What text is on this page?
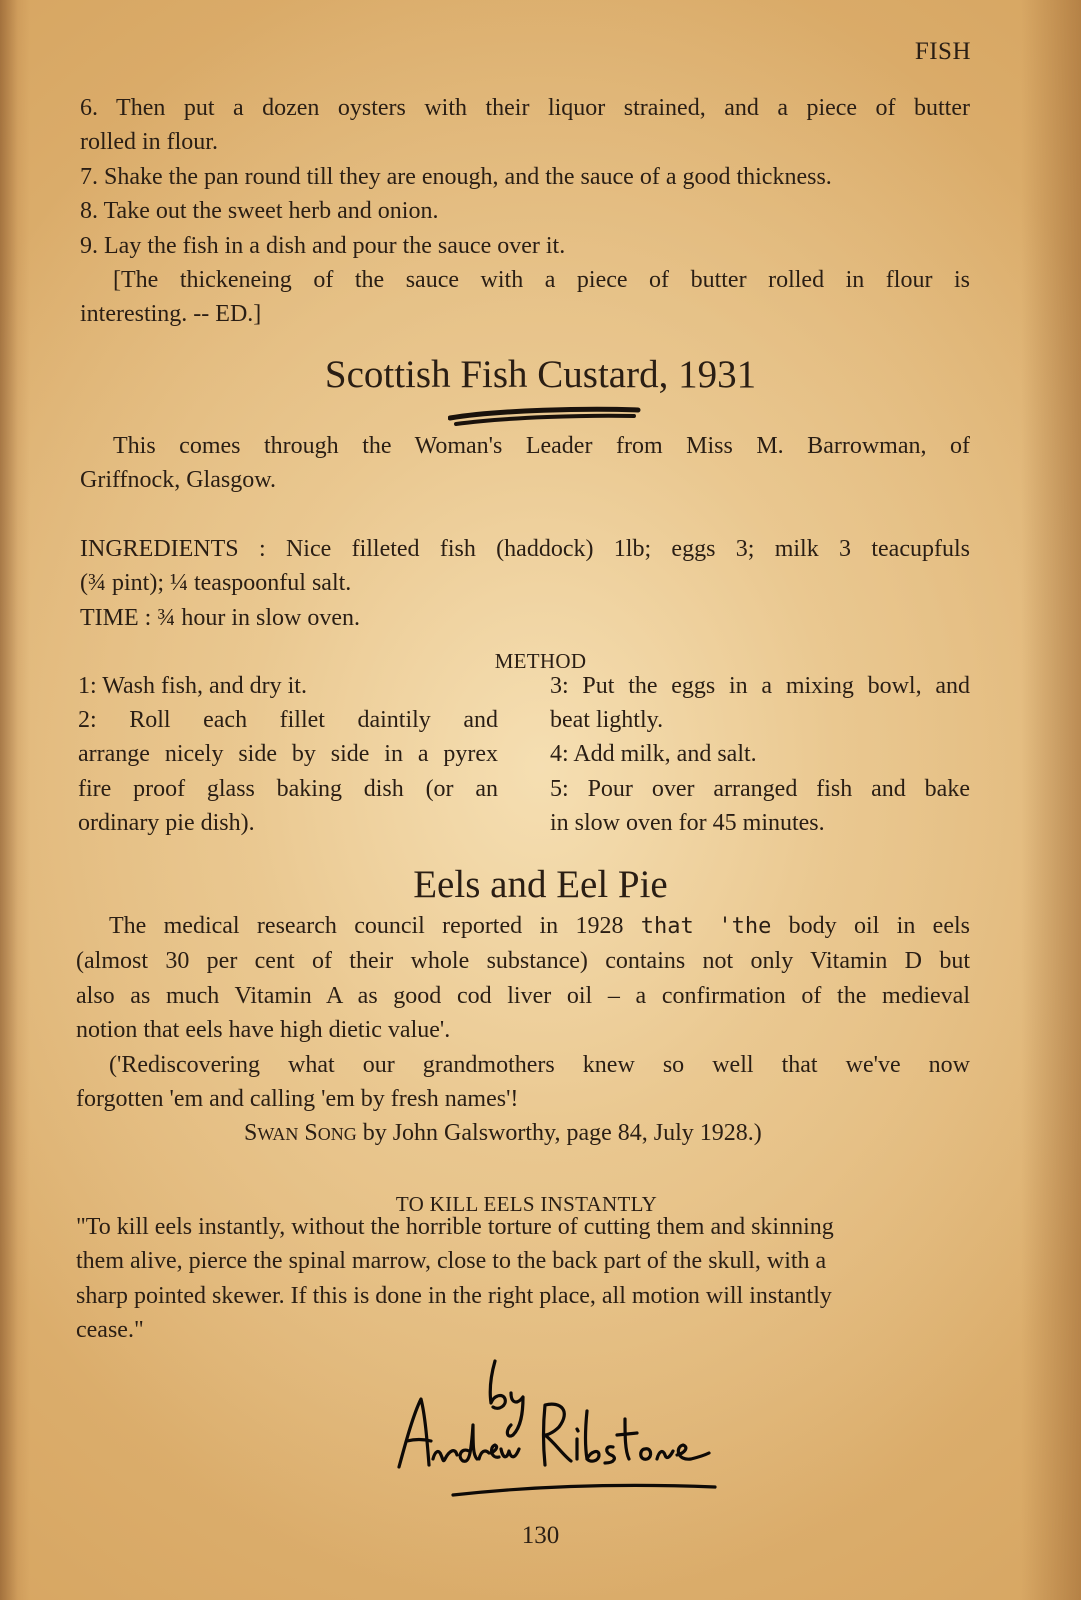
FISH
6. Then put a dozen oysters with their liquor strained, and a piece of butter
rolled in flour.
7. Shake the pan round till they are enough, and the sauce of a good thickness.
8. Take out the sweet herb and onion.
9. Lay the fish in a dish and pour the sauce over it.
[The thickeneing of the sauce with a piece of butter rolled in flour is
interesting. -- ED.]
Scottish Fish Custard, 1931
This comes through the Woman's Leader from Miss M. Barrowman, of
Griffnock, Glasgow.
INGREDIENTS : Nice filleted fish (haddock) 1lb; eggs 3; milk 3 teacupfuls
(¾ pint); ¼ teaspoonful salt.
TIME : ¾ hour in slow oven.
METHOD
1: Wash fish, and dry it.
2: Roll each fillet daintily and
arrange nicely side by side in a pyrex
fire proof glass baking dish (or an
ordinary pie dish).
3: Put the eggs in a mixing bowl, and
beat lightly.
4: Add milk, and salt.
5: Pour over arranged fish and bake
in slow oven for 45 minutes.
Eels and Eel Pie
The medical research council reported in 1928 that 'the body oil in eels
(almost 30 per cent of their whole substance) contains not only Vitamin D but
also as much Vitamin A as good cod liver oil – a confirmation of the medieval
notion that eels have high dietic value'.
('Rediscovering what our grandmothers knew so well that we've now
forgotten 'em and calling 'em by fresh names'!
SWAN SONG by John Galsworthy, page 84, July 1928.)
TO KILL EELS INSTANTLY
"To kill eels instantly, without the horrible torture of cutting them and skinning
them alive, pierce the spinal marrow, close to the back part of the skull, with a
sharp pointed skewer. If this is done in the right place, all motion will instantly
cease."
130
